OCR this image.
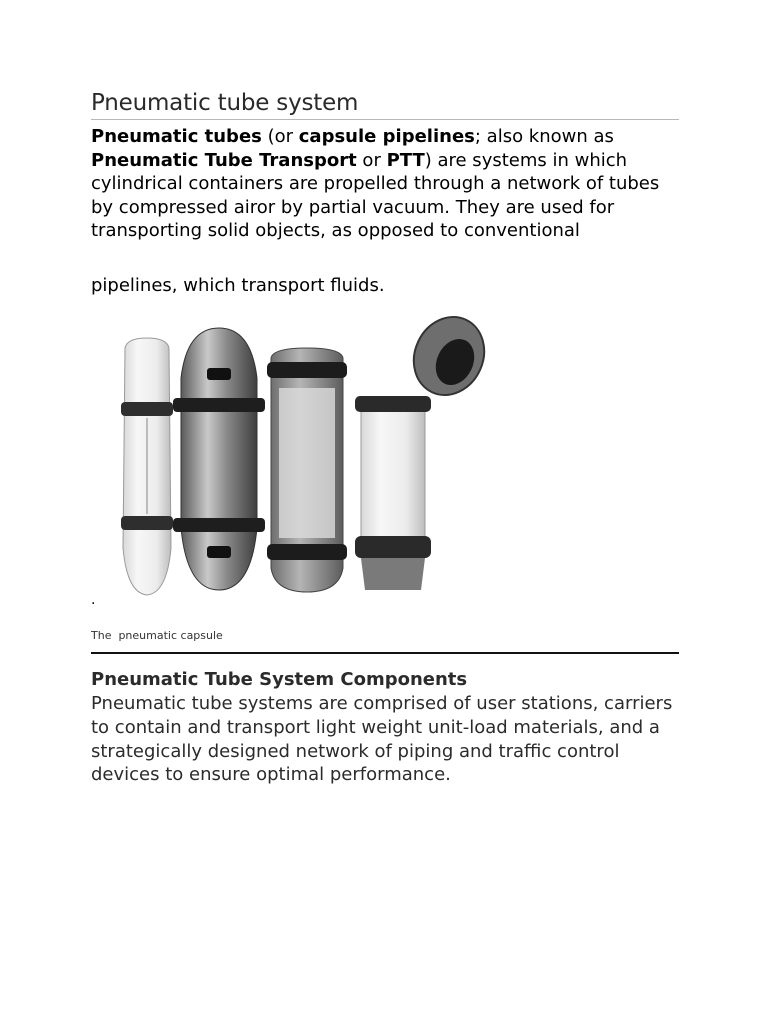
Pneumatic tube system

Pneumatic tubes (or capsule pipelines; also known as Pneumatic Tube Transport or PTT) are systems in which cylindrical containers are propelled through a network of tubes by compressed airor by partial vacuum. They are used for transporting solid objects, as opposed to conventional

pipelines, which transport fluids.

.
The  pneumatic capsule
Pneumatic Tube System Components

Pneumatic tube systems are comprised of user stations, carriers to contain and transport light weight unit-load materials, and a strategically designed network of piping and traffic control devices to ensure optimal performance.
